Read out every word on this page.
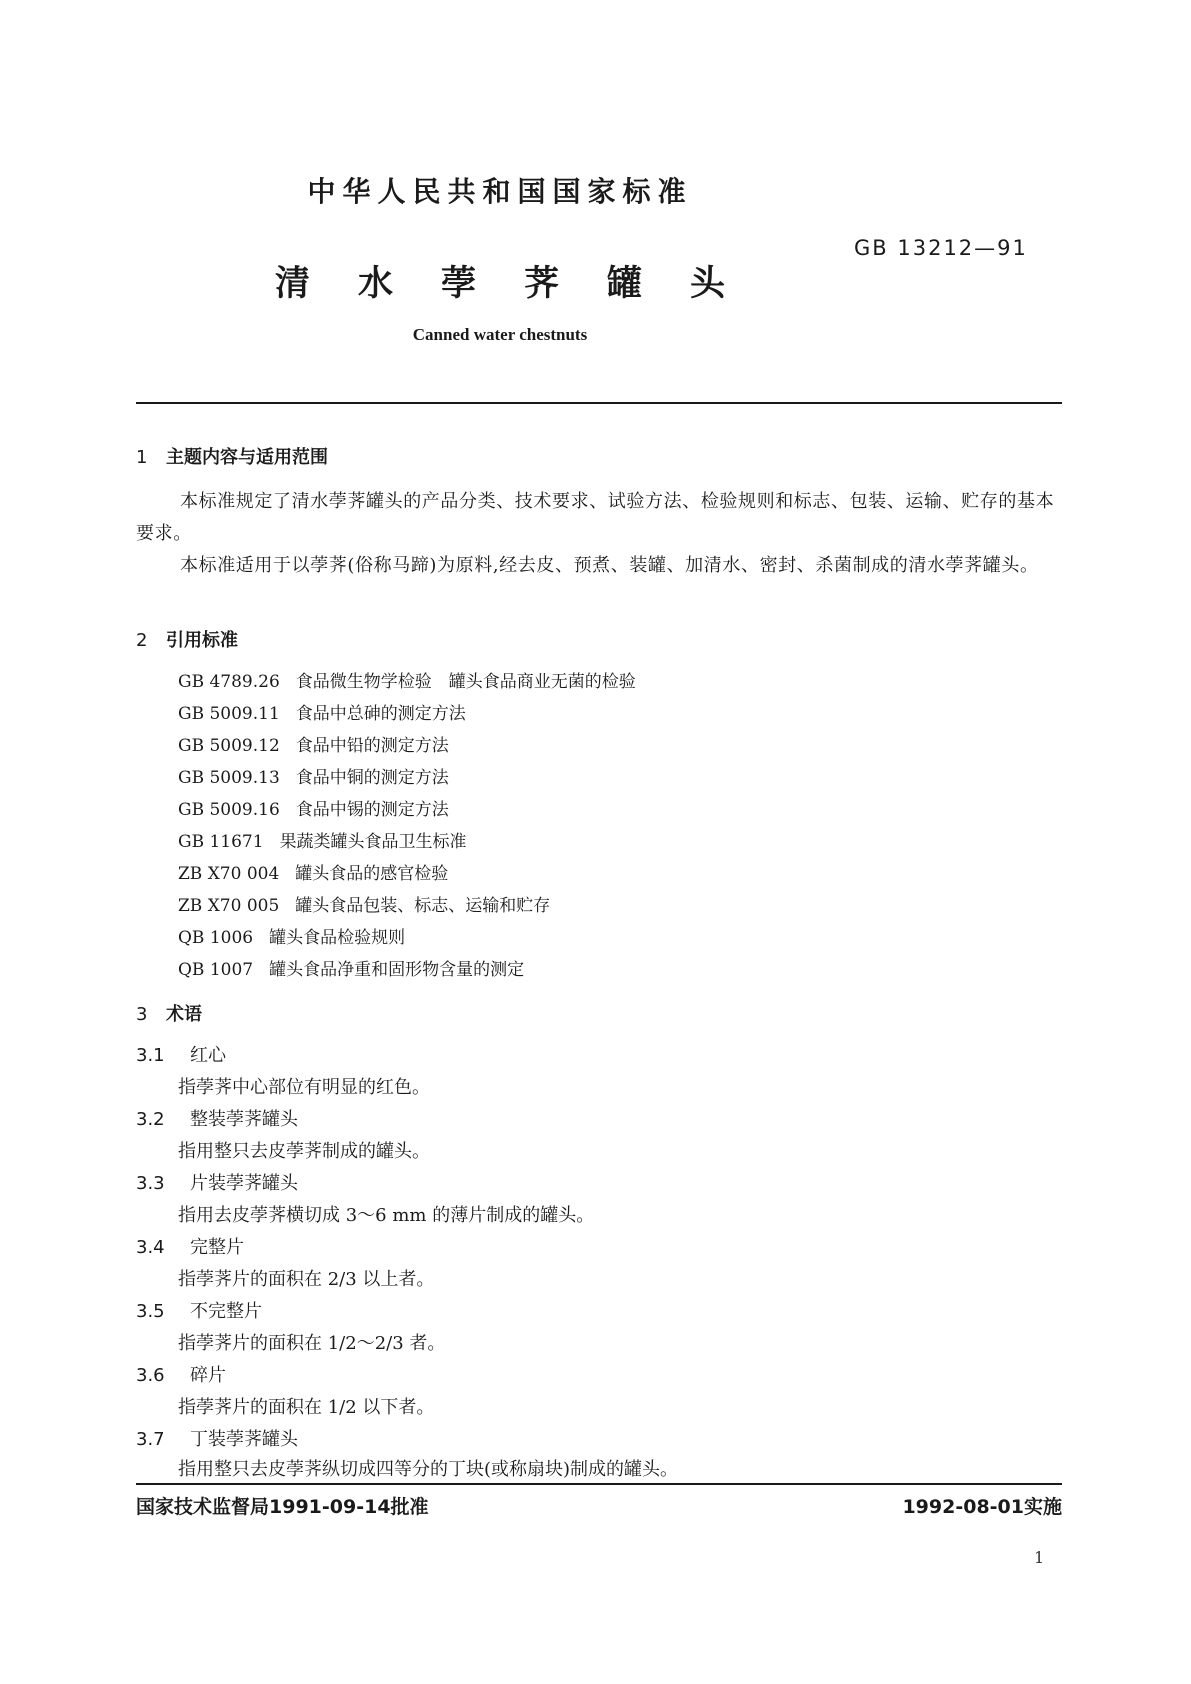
中华人民共和国国家标准
GB 13212—91
清水荸荠罐头
Canned water chestnuts
1 主题内容与适用范围
本标准规定了清水荸荠罐头的产品分类、技术要求、试验方法、检验规则和标志、包装、运输、贮存的基本要求。
本标准适用于以荸荠(俗称马蹄)为原料,经去皮、预煮、装罐、加清水、密封、杀菌制成的清水荸荠罐头。
2 引用标准
GB 4789.26 食品微生物学检验　罐头食品商业无菌的检验
GB 5009.11 食品中总砷的测定方法
GB 5009.12 食品中铅的测定方法
GB 5009.13 食品中铜的测定方法
GB 5009.16 食品中锡的测定方法
GB 11671 果蔬类罐头食品卫生标准
ZB X70 004 罐头食品的感官检验
ZB X70 005 罐头食品包装、标志、运输和贮存
QB 1006 罐头食品检验规则
QB 1007 罐头食品净重和固形物含量的测定
3 术语
3.1 红心
指荸荠中心部位有明显的红色。
3.2 整装荸荠罐头
指用整只去皮荸荠制成的罐头。
3.3 片装荸荠罐头
指用去皮荸荠横切成 3～6 mm 的薄片制成的罐头。
3.4 完整片
指荸荠片的面积在 2/3 以上者。
3.5 不完整片
指荸荠片的面积在 1/2～2/3 者。
3.6 碎片
指荸荠片的面积在 1/2 以下者。
3.7 丁装荸荠罐头
指用整只去皮荸荠纵切成四等分的丁块(或称扇块)制成的罐头。
国家技术监督局1991-09-14批准	1992-08-01实施
1
